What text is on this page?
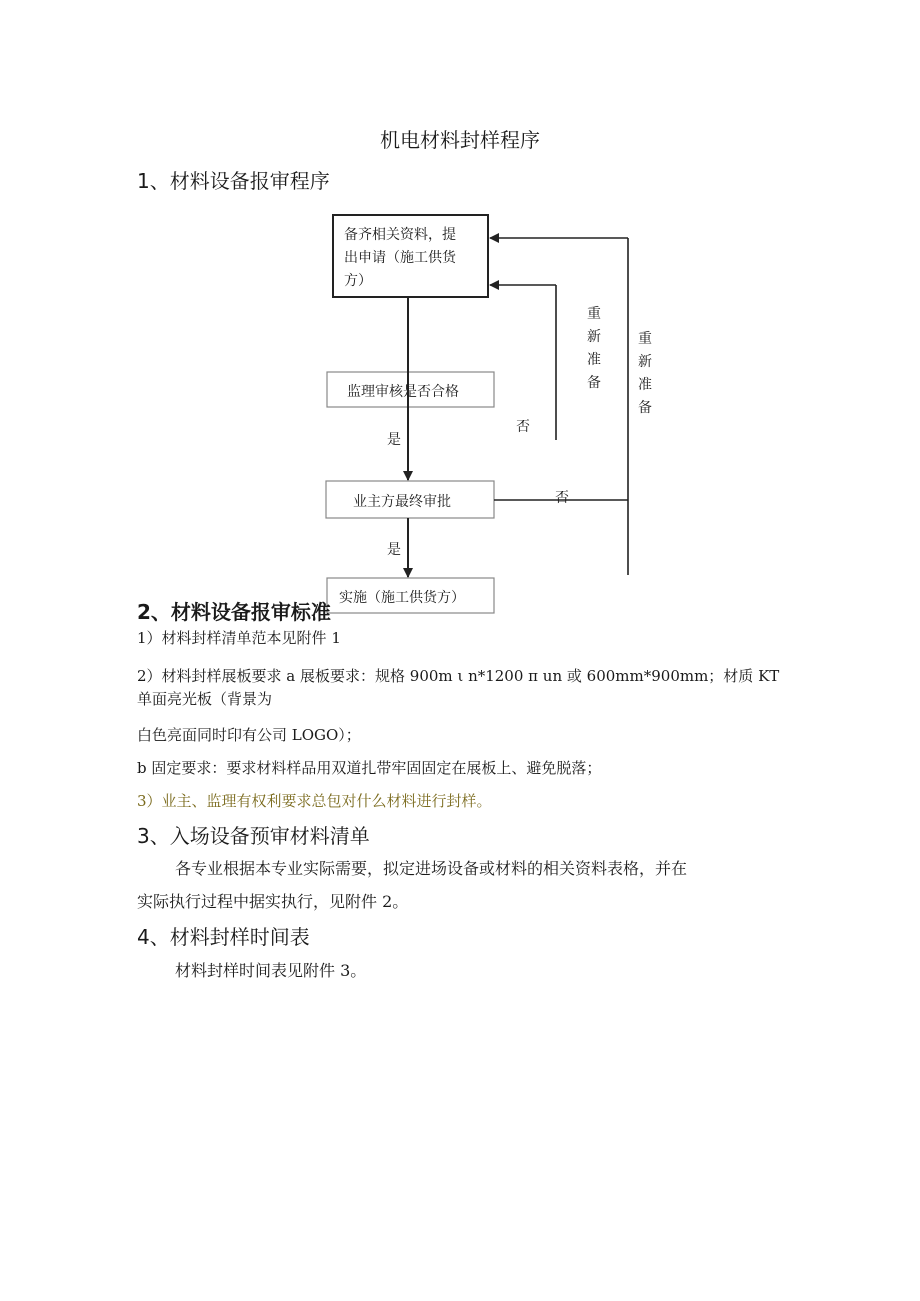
机电材料封样程序
1、材料设备报审程序
备齐相关资料，提
出申请（施工供货
方）
监理审核是否合格
业主方最终审批
实施（施工供货方）
是
是
否
否
重
新
准
备
重
新
准
备
2、材料设备报审标准
1）材料封样清单范本见附件 1
2）材料封样展板要求 a 展板要求：规格 900m ι n*1200 π un 或 600mm*900mm；材质 KT
单面亮光板（背景为
白色亮面同时印有公司 LOGO）；
b 固定要求：要求材料样品用双道扎带牢固固定在展板上、避免脱落；
3）业主、监理有权利要求总包对什么材料进行封样。
3、入场设备预审材料清单
各专业根据本专业实际需要，拟定进场设备或材料的相关资料表格，并在
实际执行过程中据实执行，见附件 2。
4、材料封样时间表
材料封样时间表见附件 3。
